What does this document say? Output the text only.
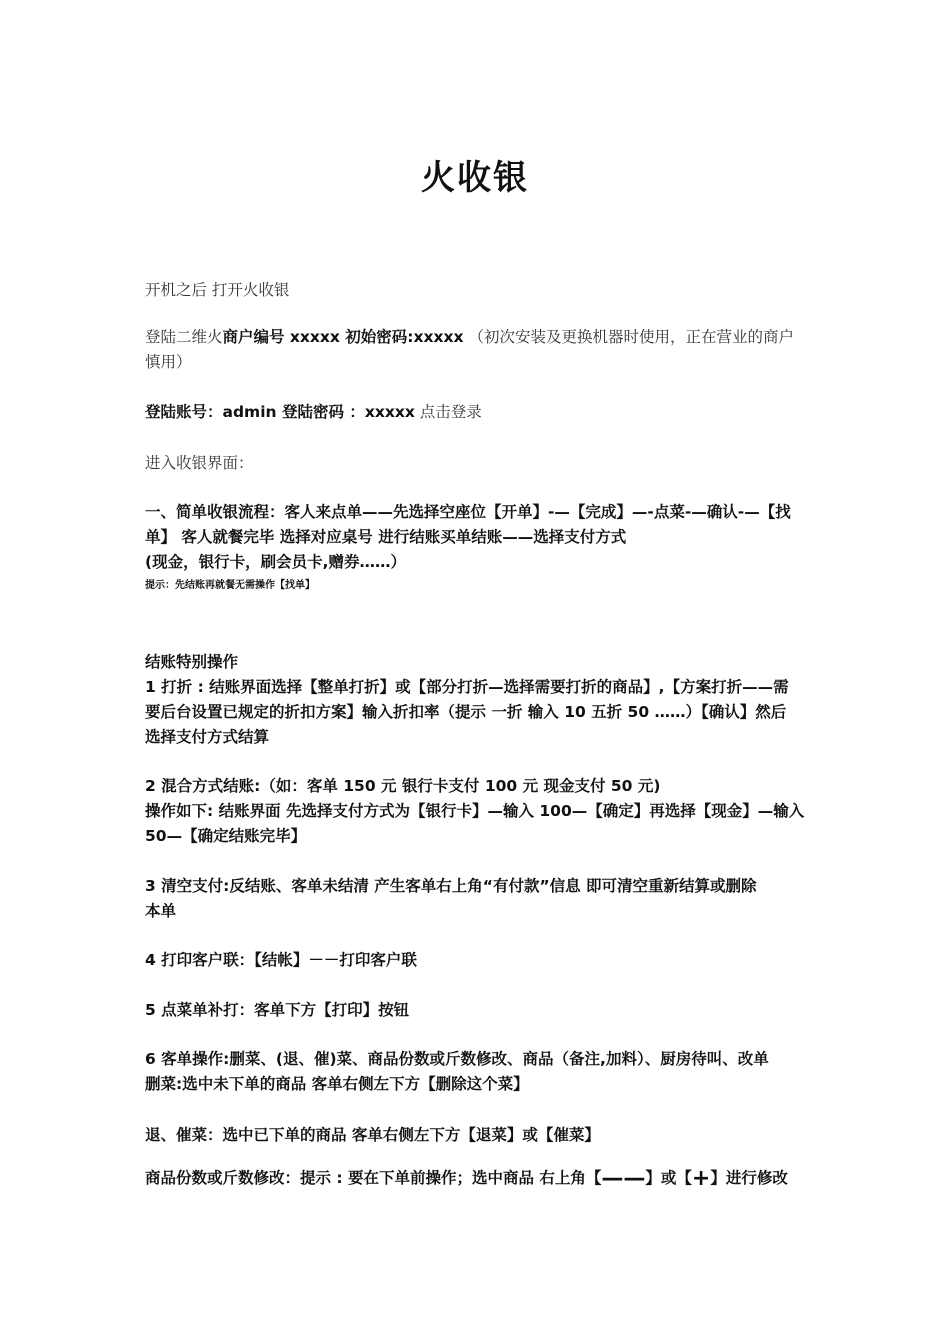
火收银
开机之后 打开火收银
登陆二维火商户编号 xxxxx 初始密码:xxxxx （初次安装及更换机器时使用，正在营业的商户
慎用）
登陆账号：admin 登陆密码 ：xxxxx 点击登录
进入收银界面：
一、简单收银流程：客人来点单——先选择空座位【开单】-—【完成】—-点菜-—确认-—【找
单】 客人就餐完毕 选择对应桌号 进行结账买单结账——选择支付方式
(现金，银行卡，刷会员卡,赠券……）
提示：先结账再就餐无需操作【找单】
结账特别操作
1 打折 : 结账界面选择【整单打折】或【部分打折—选择需要打折的商品】,【方案打折——需
要后台设置已规定的折扣方案】输入折扣率（提示 一折 输入 10 五折 50 ……）【确认】然后
选择支付方式结算
2 混合方式结账:（如：客单 150 元 银行卡支付 100 元 现金支付 50 元)
操作如下: 结账界面 先选择支付方式为【银行卡】—输入 100—【确定】再选择【现金】—输入
50—【确定结账完毕】
3 清空支付:反结账、客单未结清 产生客单右上角“有付款”信息 即可清空重新结算或删除
本单
4 打印客户联：【结帐】－－打印客户联
5 点菜单补打：客单下方【打印】按钮
6 客单操作:删菜、(退、催)菜、商品份数或斤数修改、商品（备注,加料）、厨房待叫、改单
删菜:选中未下单的商品 客单右侧左下方【删除这个菜】
退、催菜：选中已下单的商品 客单右侧左下方【退菜】或【催菜】
商品份数或斤数修改：提示 : 要在下单前操作；选中商品 右上角【——】或【+】进行修改
